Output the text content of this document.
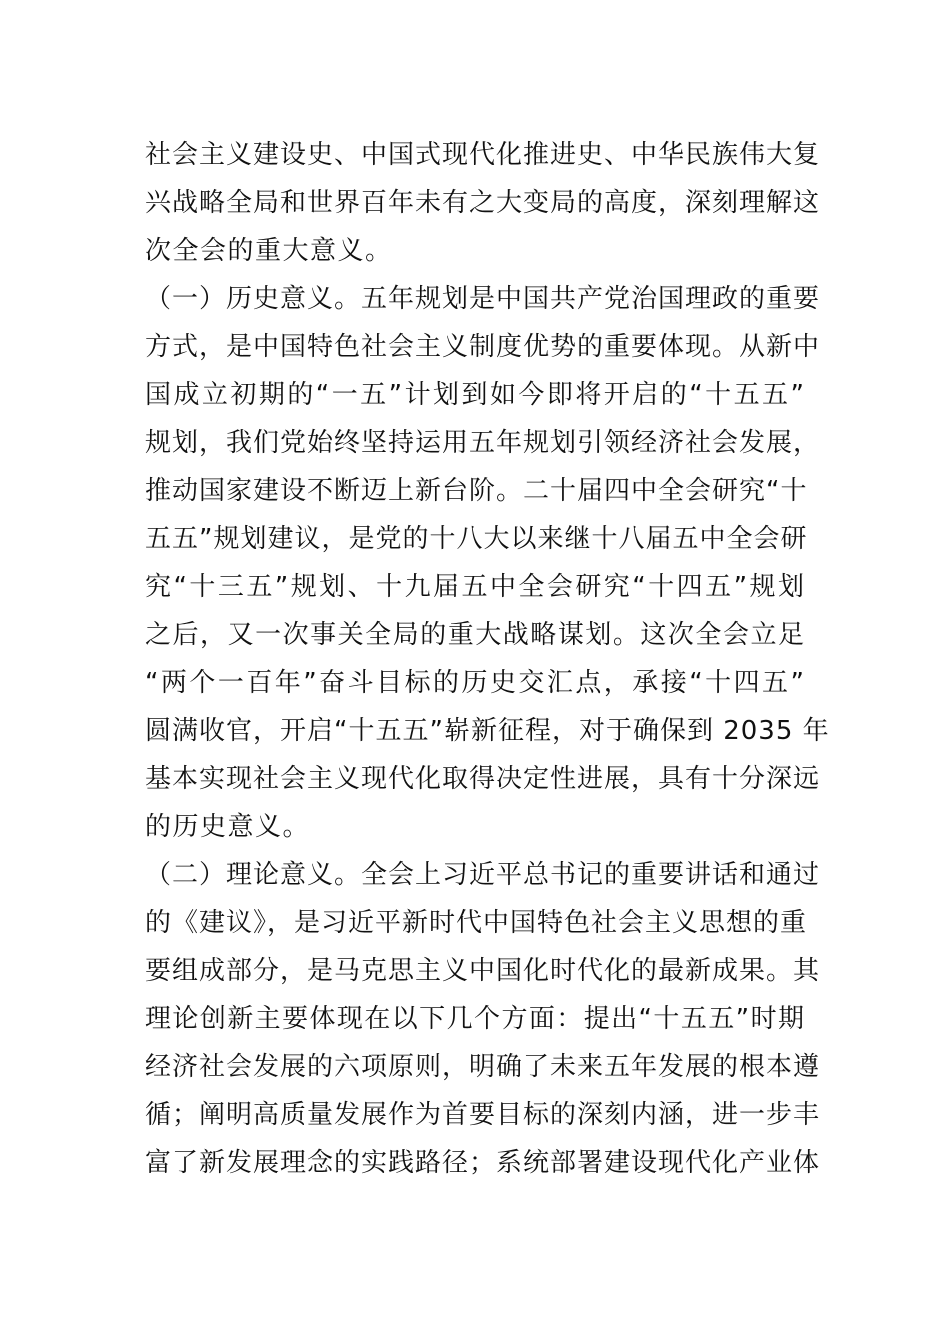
社会主义建设史、中国式现代化推进史、中华民族伟大复
兴战略全局和世界百年未有之大变局的高度，深刻理解这
次全会的重大意义。
（一）历史意义。五年规划是中国共产党治国理政的重要
方式，是中国特色社会主义制度优势的重要体现。从新中
国成立初期的“一五”计划到如今即将开启的“十五五”
规划，我们党始终坚持运用五年规划引领经济社会发展，
推动国家建设不断迈上新台阶。二十届四中全会研究“十
五五”规划建议，是党的十八大以来继十八届五中全会研
究“十三五”规划、十九届五中全会研究“十四五”规划
之后，又一次事关全局的重大战略谋划。这次全会立足
“两个一百年”奋斗目标的历史交汇点，承接“十四五”
圆满收官，开启“十五五”崭新征程，对于确保到 2035 年
基本实现社会主义现代化取得决定性进展，具有十分深远
的历史意义。
（二）理论意义。全会上习近平总书记的重要讲话和通过
的《建议》，是习近平新时代中国特色社会主义思想的重
要组成部分，是马克思主义中国化时代化的最新成果。其
理论创新主要体现在以下几个方面：提出“十五五”时期
经济社会发展的六项原则，明确了未来五年发展的根本遵
循；阐明高质量发展作为首要目标的深刻内涵，进一步丰
富了新发展理念的实践路径；系统部署建设现代化产业体
